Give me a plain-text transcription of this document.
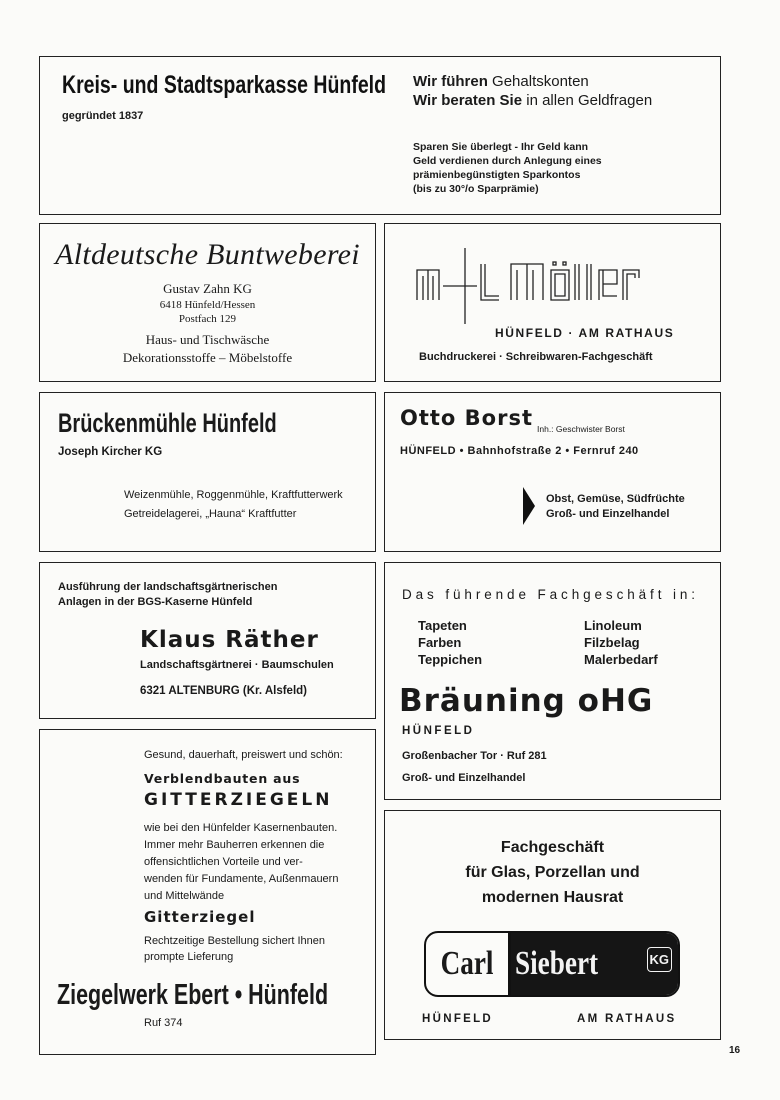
Kreis- und Stadtsparkasse Hünfeld
gegründet 1837
Wir führen Gehaltskonten
Wir beraten Sie in allen Geldfragen
Sparen Sie überlegt - Ihr Geld kann
Geld verdienen durch Anlegung eines
prämienbegünstigten Sparkontos
(bis zu 30°/o Sparprämie)
Altdeutsche Buntweberei
Gustav Zahn KG
6418 Hünfeld/Hessen
Postfach 129
Haus- und Tischwäsche
Dekorationsstoffe – Möbelstoffe
HÜNFELD · AM RATHAUS
Buchdruckerei · Schreibwaren-Fachgeschäft
Brückenmühle Hünfeld
Joseph Kircher KG
Weizenmühle, Roggenmühle, Kraftfutterwerk
Getreidelagerei, „Hauna“ Kraftfutter
Otto Borst Inh.: Geschwister Borst
HÜNFELD • Bahnhofstraße 2 • Fernruf 240
Obst, Gemüse, Südfrüchte
Groß- und Einzelhandel
Ausführung der landschaftsgärtnerischen
Anlagen in der BGS-Kaserne Hünfeld
Klaus Räther
Landschaftsgärtnerei · Baumschulen
6321 ALTENBURG (Kr. Alsfeld)
Das führende Fachgeschäft in:
Tapeten
Farben
Teppichen
Linoleum
Filzbelag
Malerbedarf
Bräuning oHG
HÜNFELD
Großenbacher Tor · Ruf 281
Groß- und Einzelhandel
Gesund, dauerhaft, preiswert und schön:
Verblendbauten aus
GITTERZIEGELN
wie bei den Hünfelder Kasernenbauten.
Immer mehr Bauherren erkennen die
offensichtlichen Vorteile und ver-
wenden für Fundamente, Außenmauern
und Mittelwände
Gitterziegel
Rechtzeitige Bestellung sichert Ihnen
prompte Lieferung
Ziegelwerk Ebert • Hünfeld
Ruf 374
Fachgeschäft
für Glas, Porzellan und
modernen Hausrat
Carl Siebert	KG
HÜNFELD	AM RATHAUS
16
